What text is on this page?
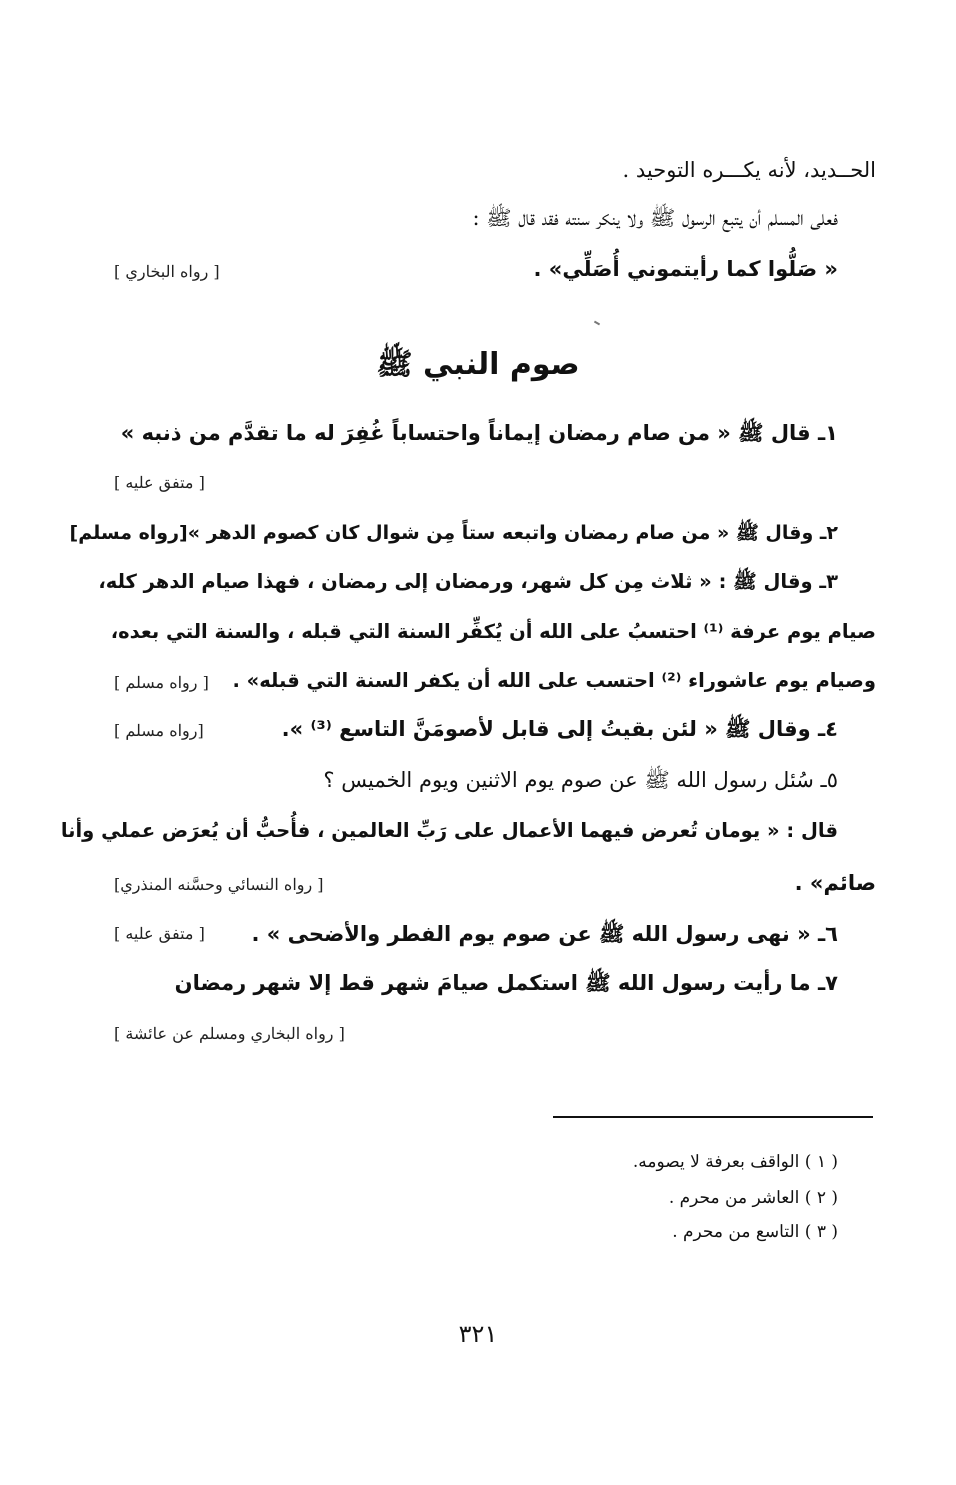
الحــديد، لأنه يكـــره التوحيد .
فعلى المسلم أن يتبع الرسول ﷺ ولا ينكر سنته فقد قال ﷺ :
« صَلُّوا كما رأيتموني أُصَلِّي» .
[ رواه البخاري ]
صوم النبي ﷺ
١ـ قال ﷺ « من صام رمضان إيماناً واحتساباً غُفِرَ له ما تقدَّم من ذنبه »
[ متفق عليه ]
٢ـ وقال ﷺ « من صام رمضان واتبعه ستاً مِن شوال كان كصوم الدهر »[رواه مسلم]
٣ـ وقال ﷺ : « ثلاث مِن كل شهر، ورمضان إلى رمضان ، فهذا صيام الدهر كله،
صيام يوم عرفة ⁽¹⁾ احتسبُ على الله أن يُكفِّر السنة التي قبله ، والسنة التي بعده،
وصيام يوم عاشوراء ⁽²⁾ احتسب على الله أن يكفر السنة التي قبله» .
[ رواه مسلم ]
٤ـ وقال ﷺ « لئن بقيتُ إلى قابل لأصومَنَّ التاسع ⁽³⁾ ».
[رواه مسلم ]
٥ـ سُئل رسول الله ﷺ عن صوم يوم الاثنين ويوم الخميس ؟
قال : « يومان تُعرض فيهما الأعمال على رَبِّ العالمين ، فأُحبُّ أن يُعرَض عملي وأنا
صائم» .
[ رواه النسائي وحسَّنه المنذري]
٦ـ « نهى رسول الله ﷺ عن صوم يوم الفطر والأضحى » .
[ متفق عليه ]
٧ـ ما رأيت رسول الله ﷺ استكمل صيامَ شهر قط إلا شهر رمضان
[ رواه البخاري ومسلم عن عائشة ]
( ١ ) الواقف بعرفة لا يصومه.
( ٢ ) العاشر من محرم .
( ٣ ) التاسع من محرم .
٣٢١
